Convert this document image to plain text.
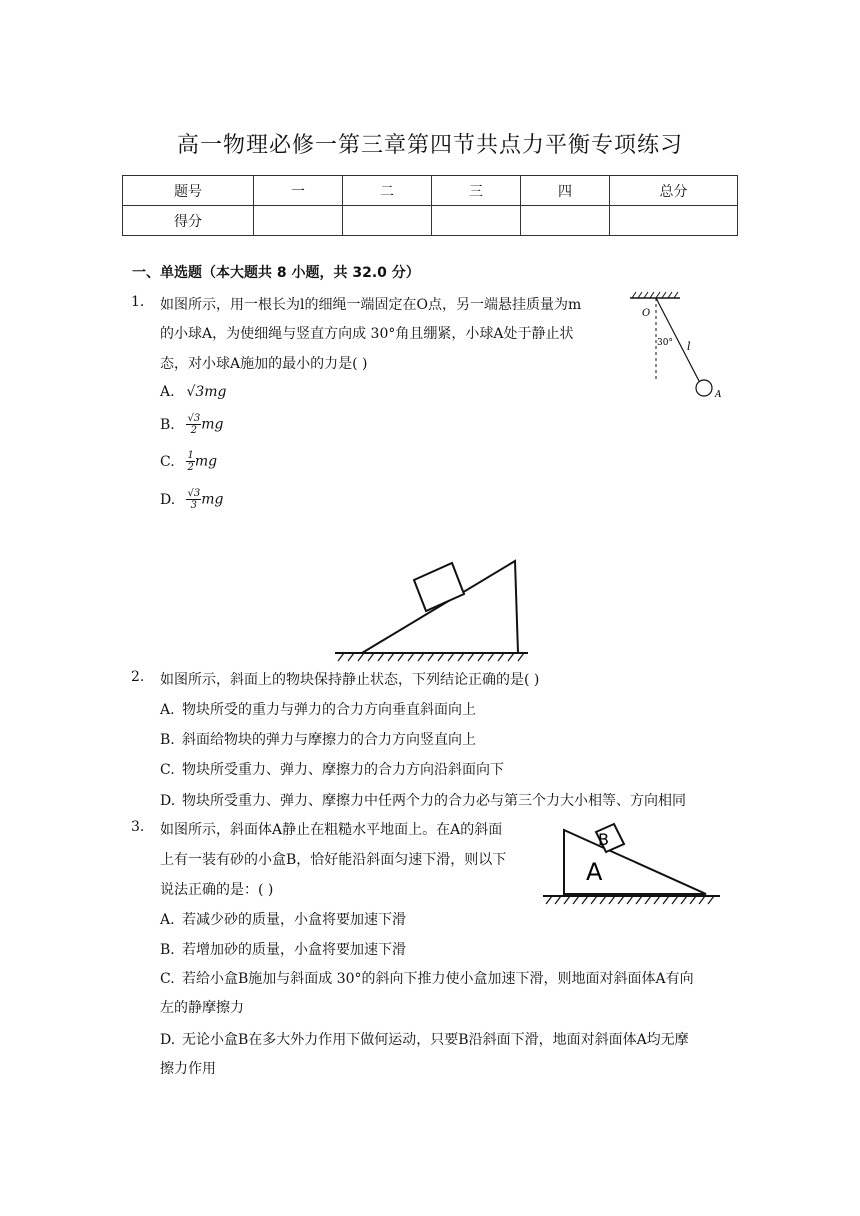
高一物理必修一第三章第四节共点力平衡专项练习
题号	一	二	三	四	总分
得分					
一、单选题（本大题共 8 小题，共 32.0 分）
1. 如图所示，用一根长为l的细绳一端固定在O点，另一端悬挂质量为m
的小球A，为使细绳与竖直方向成 30°角且绷紧，小球A处于静止状
态，对小球A施加的最小的力是( )
A. √3mg
B. $\frac{√3}{2}$ mg
C. $\frac{1}{2}$ mg
D. $\frac{√3}{3}$ mg
O
30° l
A
2. 如图所示，斜面上的物块保持静止状态，下列结论正确的是( )
A. 物块所受的重力与弹力的合力方向垂直斜面向上
B. 斜面给物块的弹力与摩擦力的合力方向竖直向上
C. 物块所受重力、弹力、摩擦力的合力方向沿斜面向下
D. 物块所受重力、弹力、摩擦力中任两个力的合力必与第三个力大小相等、方向相同
3. 如图所示，斜面体A静止在粗糙水平地面上。在A的斜面
上有一装有砂的小盒B，恰好能沿斜面匀速下滑，则以下
说法正确的是：( )
B
A
A. 若减少砂的质量，小盒将要加速下滑
B. 若增加砂的质量，小盒将要加速下滑
C. 若给小盒B施加与斜面成 30°的斜向下推力使小盒加速下滑，则地面对斜面体A有向
左的静摩擦力
D. 无论小盒B在多大外力作用下做何运动，只要B沿斜面下滑，地面对斜面体A均无摩
擦力作用
